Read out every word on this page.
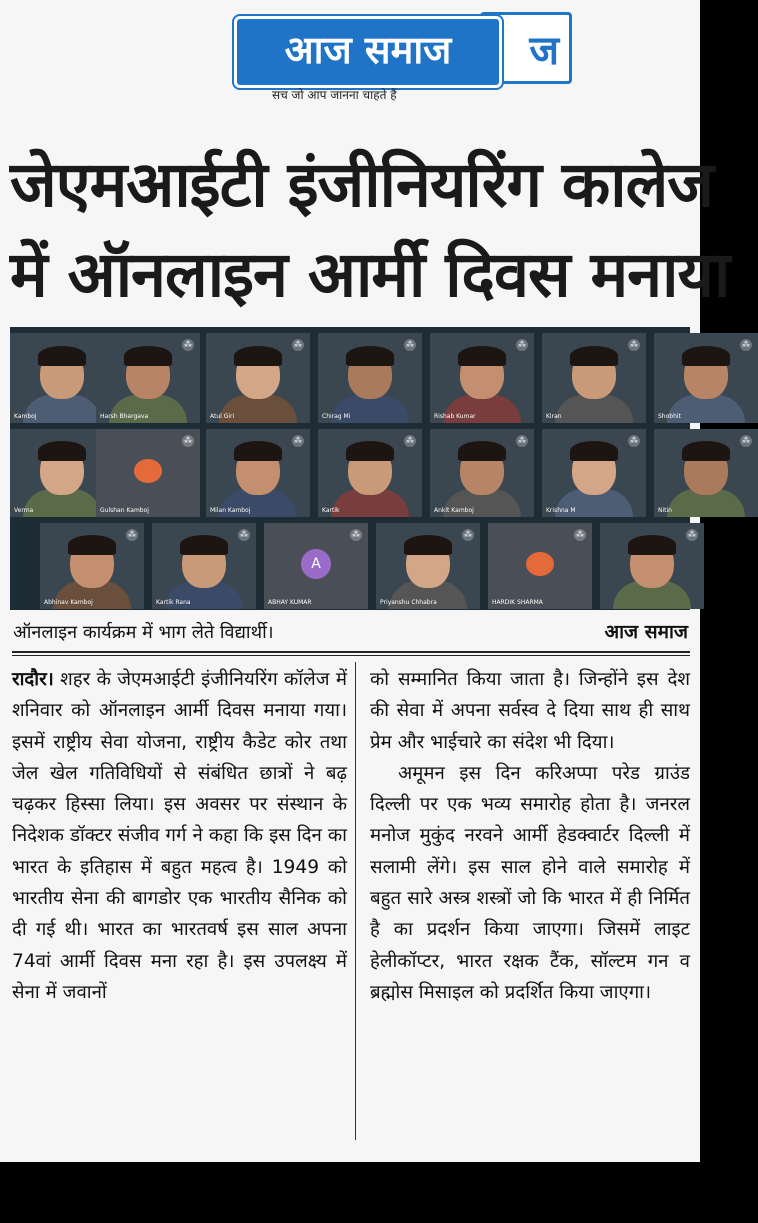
ज
आज समाज
सच जो आप जानना चाहते हैं
जेएमआईटी इंजीनियरिंग कालेज
में ऑनलाइन आर्मी दिवस मनाया
Kamboj
⁂
Harsh Bhargava
⁂
Atul Giri
⁂
Chirag Mi
⁂
Rishab Kumar
⁂
Kiran
⁂
Shobhit
Verma
⁂
Gulshan Kamboj
⁂
Milan Kamboj
⁂
Kartik
⁂
Ankit Kamboj
⁂
Krishna M
⁂
Nitin
⁂
Abhinav Kamboj
⁂
Kartik Rana
A
⁂
ABHAY KUMAR
⁂
Priyanshu Chhabra
⁂
HARDIK SHARMA
⁂
ऑनलाइन कार्यक्रम में भाग लेते विद्यार्थी।	आज समाज

रादौर। शहर के जेएमआईटी इंजीनियरिंग कॉलेज में शनिवार को ऑनलाइन आर्मी दिवस मनाया गया। इसमें राष्ट्रीय सेवा योजना, राष्ट्रीय कैडेट कोर तथा जेल खेल गतिविधियों से संबंधित छात्रों ने बढ़ चढ़कर हिस्सा लिया। इस अवसर पर संस्थान के निदेशक डॉक्टर संजीव गर्ग ने कहा कि इस दिन का भारत के इतिहास में बहुत महत्व है। 1949 को भारतीय सेना की बागडोर एक भारतीय सैनिक को दी गई थी। भारत का भारतवर्ष इस साल अपना 74वां आर्मी दिवस मना रहा है। इस उपलक्ष्य में सेना में जवानों

को सम्मानित किया जाता है। जिन्होंने इस देश की सेवा में अपना सर्वस्व दे दिया साथ ही साथ प्रेम और भाईचारे का संदेश भी दिया।

अमूमन इस दिन करिअप्पा परेड ग्राउंड दिल्ली पर एक भव्य समारोह होता है। जनरल मनोज मुकुंद नरवने आर्मी हेडक्वार्टर दिल्ली में सलामी लेंगे। इस साल होने वाले समारोह में बहुत सारे अस्त्र शस्त्रों जो कि भारत में ही निर्मित है का प्रदर्शन किया जाएगा। जिसमें लाइट हेलीकॉप्टर, भारत रक्षक टैंक, सॉल्टम गन व ब्रह्मोस मिसाइल को प्रदर्शित किया जाएगा।
